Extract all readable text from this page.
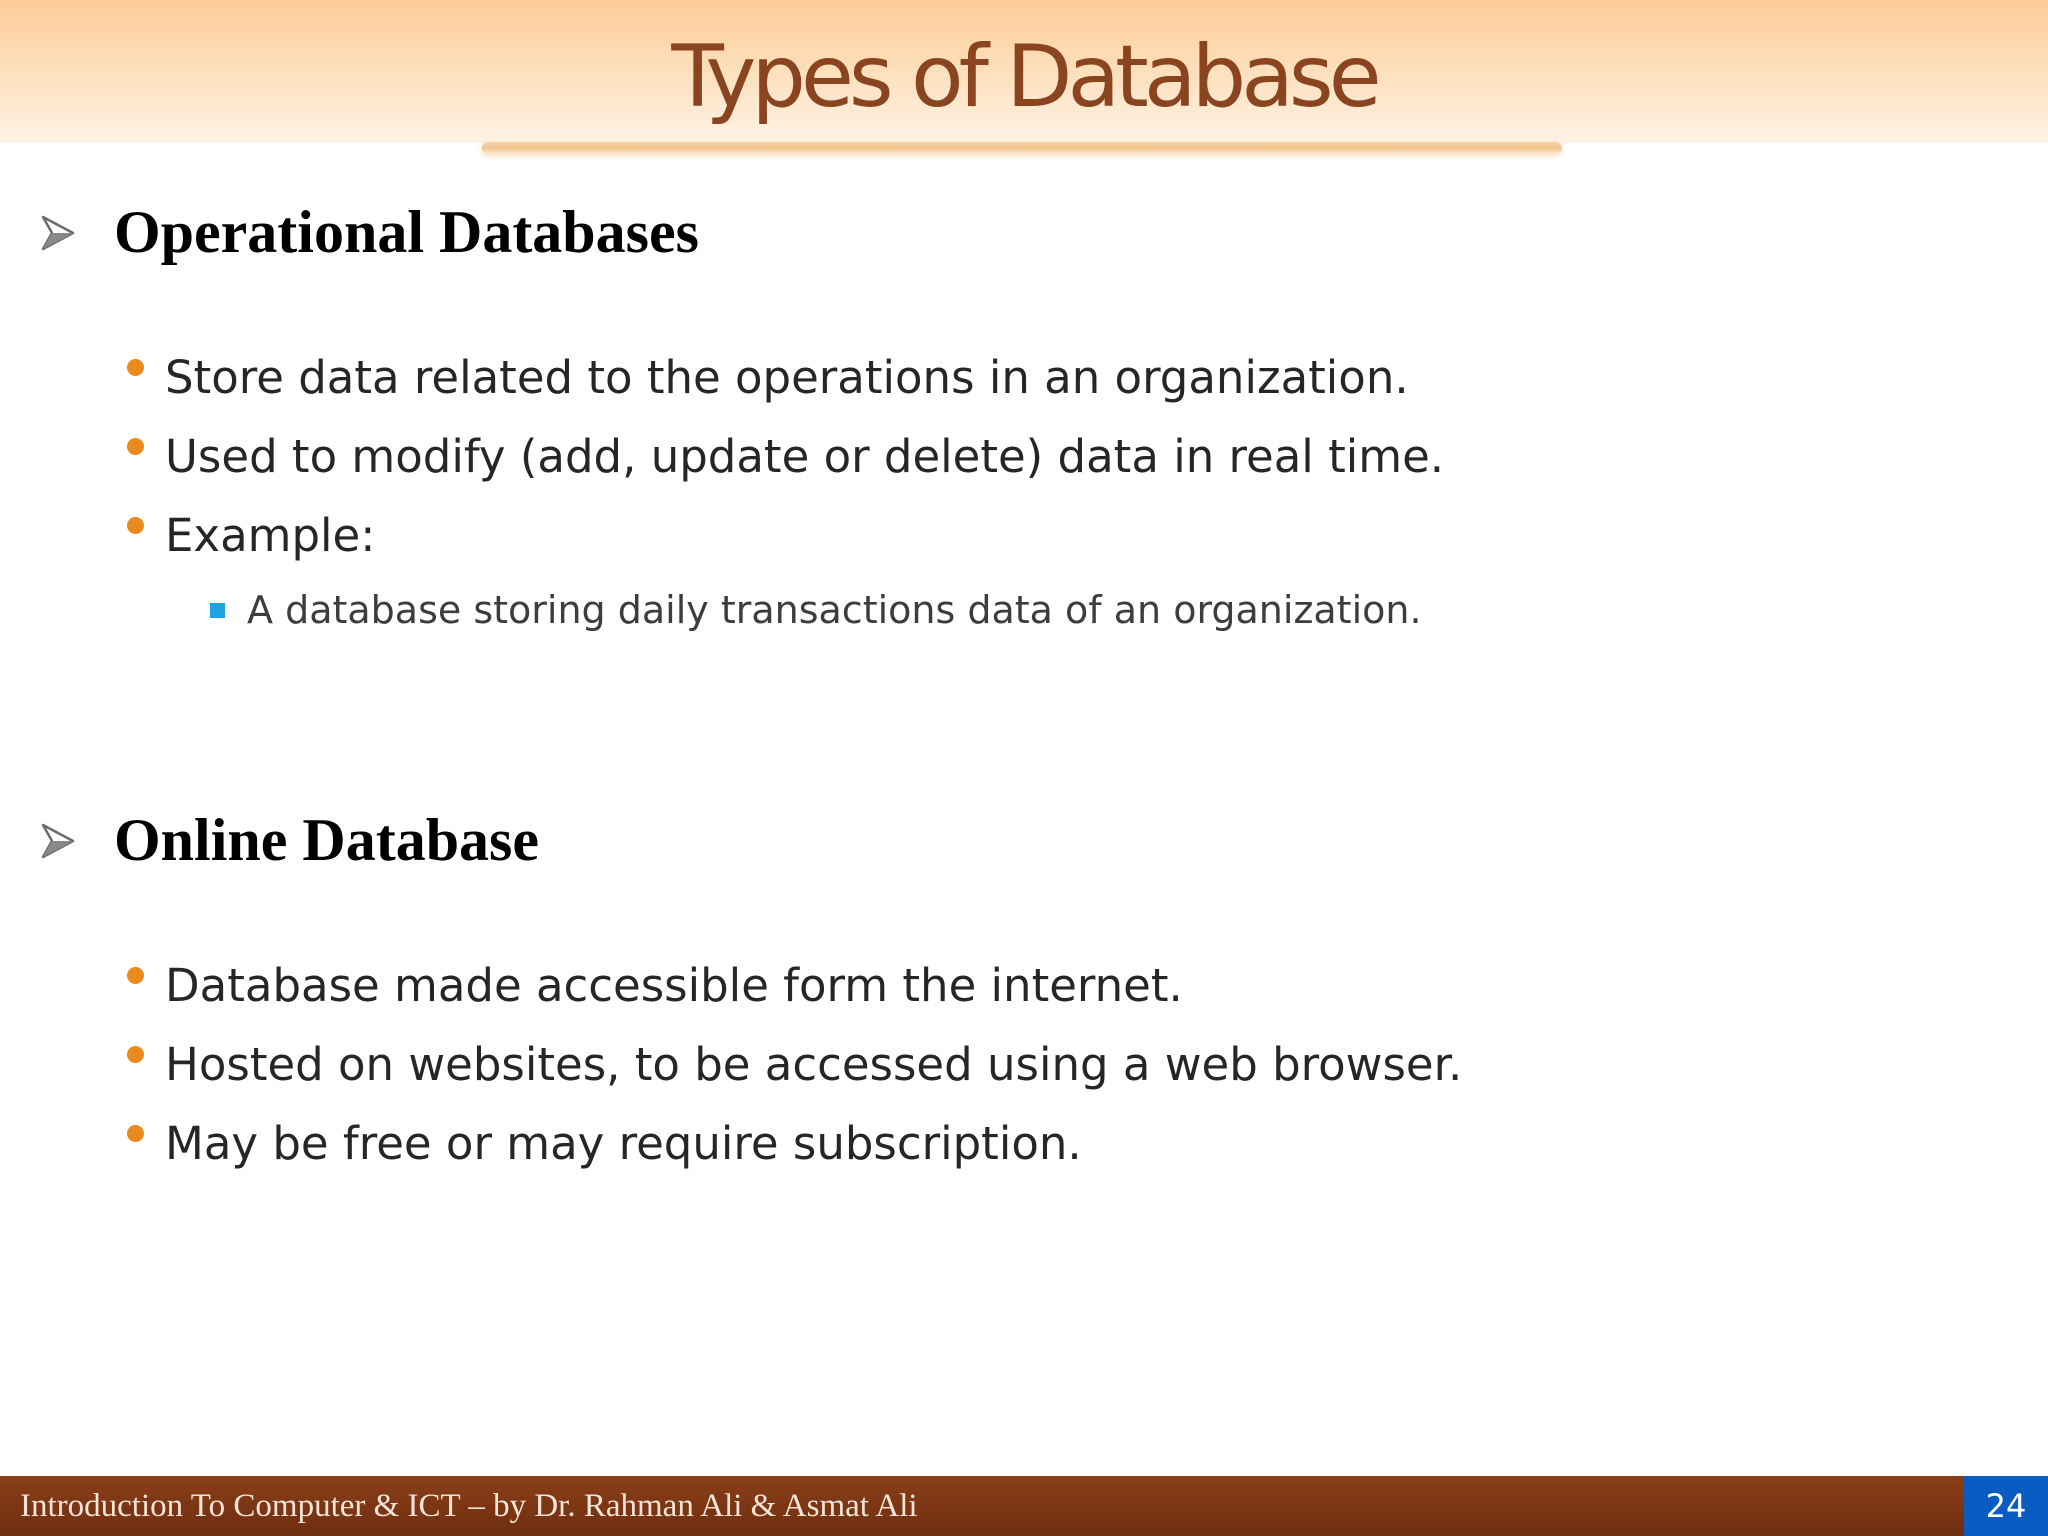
Types of Database
Operational Databases
Store data related to the operations in an organization.
Used to modify (add, update or delete) data in real time.
Example:
A database storing daily transactions data of an organization.
Online Database
Database made accessible form the internet.
Hosted on websites, to be accessed using a web browser.
May be free or may require subscription.
Introduction To Computer & ICT – by Dr. Rahman Ali & Asmat Ali	24
